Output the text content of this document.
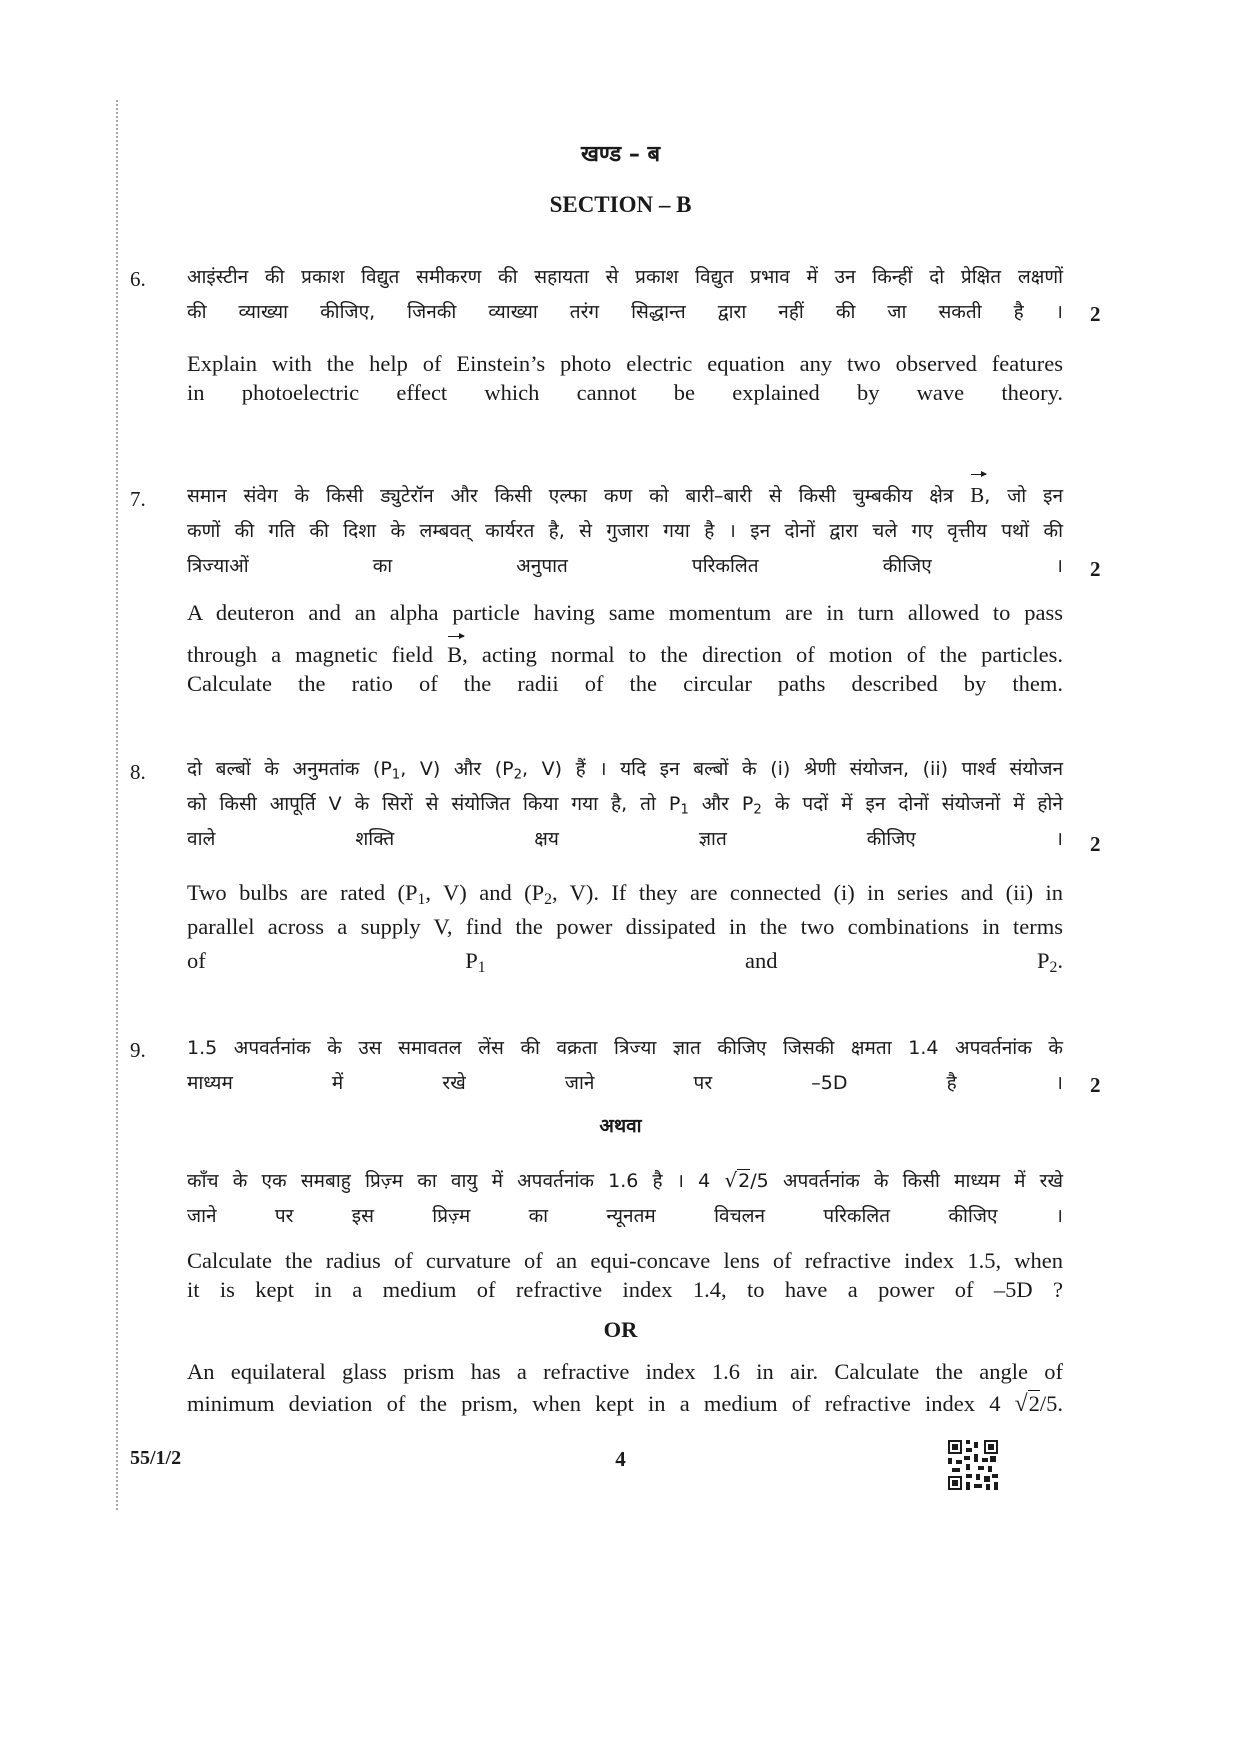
खण्ड – ब
SECTION – B
6.
2
आइंस्टीन की प्रकाश विद्युत समीकरण की सहायता से प्रकाश विद्युत प्रभाव में उन किन्हीं दो प्रेक्षित लक्षणों
की व्याख्या कीजिए, जिनकी व्याख्या तरंग सिद्धान्त द्वारा नहीं की जा सकती है ।
Explain with the help of Einstein’s photo electric equation any two observed features
in photoelectric effect which cannot be explained by wave theory.
7.
2
समान संवेग के किसी ड्युटेरॉन और किसी एल्फा कण को बारी–बारी से किसी चुम्बकीय क्षेत्र B, जो इन
कणों की गति की दिशा के लम्बवत् कार्यरत है, से गुजारा गया है । इन दोनों द्वारा चले गए वृत्तीय पथों की
त्रिज्याओं का अनुपात परिकलित कीजिए ।
A deuteron and an alpha particle having same momentum are in turn allowed to pass
through a magnetic field B, acting normal to the direction of motion of the particles.
Calculate the ratio of the radii of the circular paths described by them.
8.
2
दो बल्बों के अनुमतांक ($P_1$, V) और ($P_2$, V) हैं । यदि इन बल्बों के (i) श्रेणी संयोजन, (ii) पार्श्व संयोजन
को किसी आपूर्ति V के सिरों से संयोजित किया गया है, तो $P_1$ और $P_2$ के पदों में इन दोनों संयोजनों में होने
वाले शक्ति क्षय ज्ञात कीजिए ।
Two bulbs are rated ($P_1$, V) and ($P_2$, V). If they are connected (i) in series and (ii) in
parallel across a supply V, find the power dissipated in the two combinations in terms
of $P_1$	and $P_2$.
9.
2
1.5 अपवर्तनांक के उस समावतल लेंस की वक्रता त्रिज्या ज्ञात कीजिए जिसकी क्षमता 1.4 अपवर्तनांक के
माध्यम में रखे जाने पर –5D है ।
अथवा
काँच के एक समबाहु प्रिज़्म का वायु में अपवर्तनांक 1.6 है । 4 √2/5 अपवर्तनांक के किसी माध्यम में रखे
जाने पर इस प्रिज़्म का न्यूनतम विचलन परिकलित कीजिए ।
Calculate the radius of curvature of an equi-concave lens of refractive index 1.5, when
it is kept in a medium of refractive index 1.4, to have a power of –5D ?
OR
An equilateral glass prism has a refractive index 1.6 in air. Calculate the angle of
minimum deviation of the prism, when kept in a medium of refractive index 4 √2/5.
55/1/2	4
